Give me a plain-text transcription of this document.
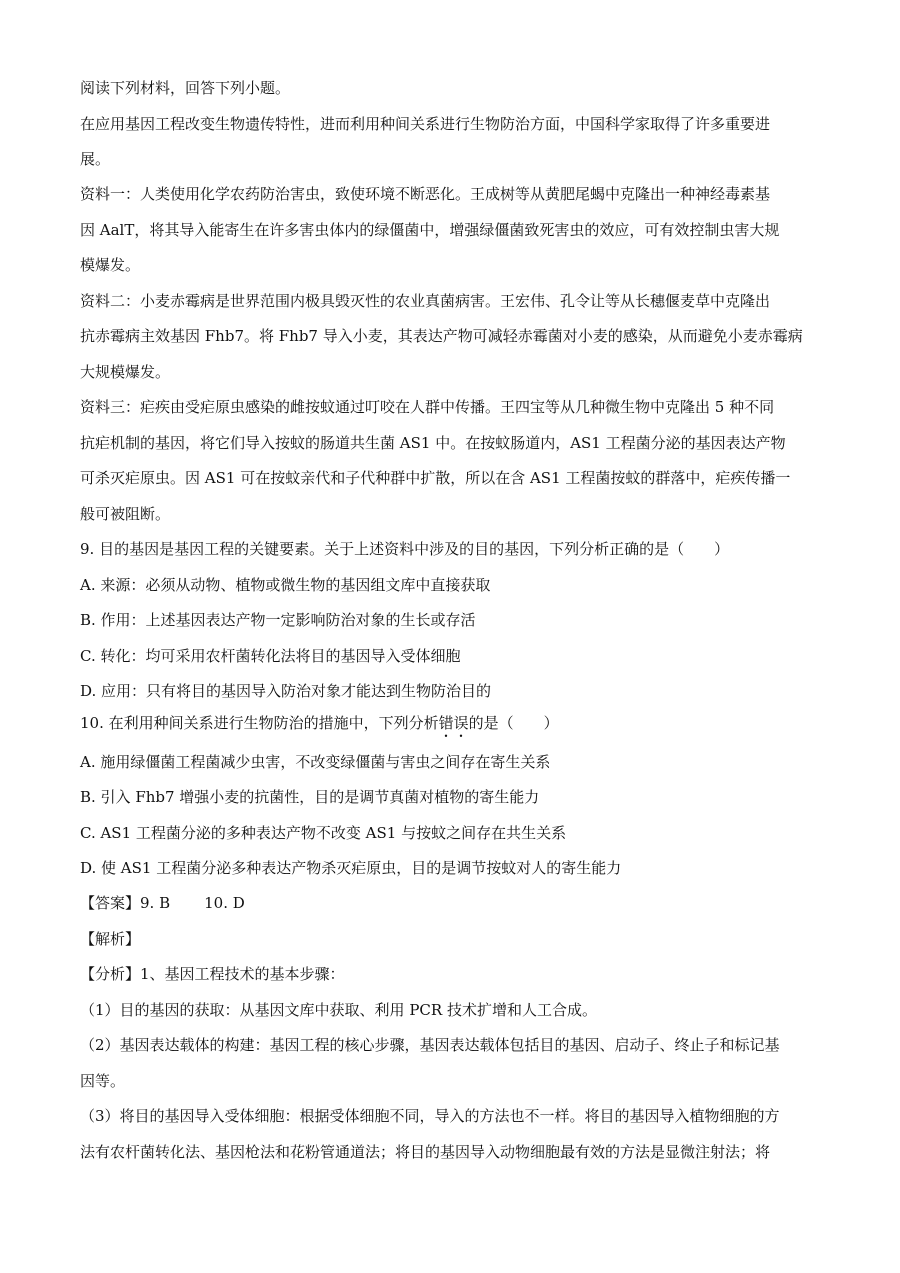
阅读下列材料，回答下列小题。
在应用基因工程改变生物遗传特性，进而利用种间关系进行生物防治方面，中国科学家取得了许多重要进
展。
资料一：人类使用化学农药防治害虫，致使环境不断恶化。王成树等从黄肥尾蝎中克隆出一种神经毒素基
因 AalT，将其导入能寄生在许多害虫体内的绿僵菌中，增强绿僵菌致死害虫的效应，可有效控制虫害大规
模爆发。
资料二：小麦赤霉病是世界范围内极具毁灭性的农业真菌病害。王宏伟、孔令让等从长穗偃麦草中克隆出
抗赤霉病主效基因 Fhb7。将 Fhb7 导入小麦，其表达产物可减轻赤霉菌对小麦的感染，从而避免小麦赤霉病
大规模爆发。
资料三：疟疾由受疟原虫感染的雌按蚊通过叮咬在人群中传播。王四宝等从几种微生物中克隆出 5 种不同
抗疟机制的基因，将它们导入按蚊的肠道共生菌 AS1 中。在按蚊肠道内，AS1 工程菌分泌的基因表达产物
可杀灭疟原虫。因 AS1 可在按蚊亲代和子代种群中扩散，所以在含 AS1 工程菌按蚊的群落中，疟疾传播一
般可被阻断。
9. 目的基因是基因工程的关键要素。关于上述资料中涉及的目的基因，下列分析正确的是（　　）
A. 来源：必须从动物、植物或微生物的基因组文库中直接获取
B. 作用：上述基因表达产物一定影响防治对象的生长或存活
C. 转化：均可采用农杆菌转化法将目的基因导入受体细胞
D. 应用：只有将目的基因导入防治对象才能达到生物防治目的
10. 在利用种间关系进行生物防治的措施中，下列分析错误的是（　　）
A. 施用绿僵菌工程菌减少虫害，不改变绿僵菌与害虫之间存在寄生关系
B. 引入 Fhb7 增强小麦的抗菌性，目的是调节真菌对植物的寄生能力
C. AS1 工程菌分泌的多种表达产物不改变 AS1 与按蚊之间存在共生关系
D. 使 AS1 工程菌分泌多种表达产物杀灭疟原虫，目的是调节按蚊对人的寄生能力
【答案】9. B 10. D
【解析】
【分析】1、基因工程技术的基本步骤：
（1）目的基因的获取：从基因文库中获取、利用 PCR 技术扩增和人工合成。
（2）基因表达载体的构建：基因工程的核心步骤，基因表达载体包括目的基因、启动子、终止子和标记基
因等。
（3）将目的基因导入受体细胞：根据受体细胞不同，导入的方法也不一样。将目的基因导入植物细胞的方
法有农杆菌转化法、基因枪法和花粉管通道法；将目的基因导入动物细胞最有效的方法是显微注射法；将
